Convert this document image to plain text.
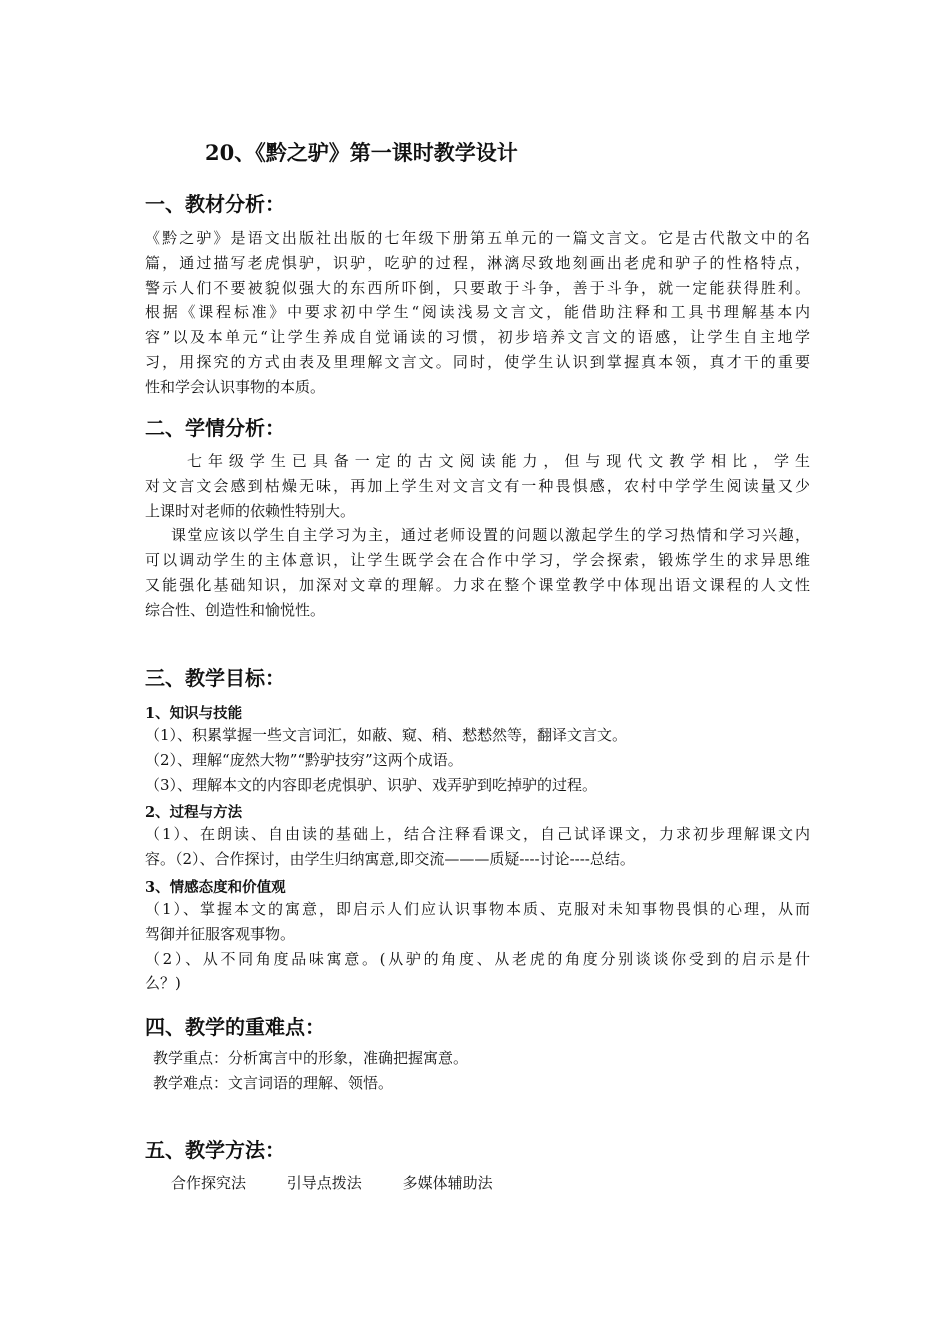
20、《黔之驴》第一课时教学设计
一、教材分析：

《黔之驴》是语文出版社出版的七年级下册第五单元的一篇文言文。它是古代散文中的名

篇，通过描写老虎惧驴，识驴，吃驴的过程，淋漓尽致地刻画出老虎和驴子的性格特点，

警示人们不要被貌似强大的东西所吓倒，只要敢于斗争，善于斗争，就一定能获得胜利。

根据《课程标准》中要求初中学生“阅读浅易文言文，能借助注释和工具书理解基本内

容”以及本单元“让学生养成自觉诵读的习惯，初步培养文言文的语感，让学生自主地学

习，用探究的方式由表及里理解文言文。同时，使学生认识到掌握真本领，真才干的重要

性和学会认识事物的本质。

二、学情分析：

七年级学生已具备一定的古文阅读能力，但与现代文教学相比，学生

对文言文会感到枯燥无味，再加上学生对文言文有一种畏惧感，农村中学学生阅读量又少

上课时对老师的依赖性特别大。

课堂应该以学生自主学习为主，通过老师设置的问题以激起学生的学习热情和学习兴趣，

可以调动学生的主体意识，让学生既学会在合作中学习，学会探索，锻炼学生的求异思维

又能强化基础知识，加深对文章的理解。力求在整个课堂教学中体现出语文课程的人文性

综合性、创造性和愉悦性。

三、教学目标：
1、知识与技能

（1）、积累掌握一些文言词汇，如蔽、窥、稍、慭慭然等，翻译文言文。

（2）、理解“庞然大物”“黔驴技穷”这两个成语。

（3）、理解本文的内容即老虎惧驴、识驴、戏弄驴到吃掉驴的过程。

2、过程与方法

（1）、在朗读、自由读的基础上，结合注释看课文，自己试译课文，力求初步理解课文内

容。（2）、合作探讨，由学生归纳寓意,即交流———质疑----讨论----总结。

3、情感态度和价值观

（1）、掌握本文的寓意，即启示人们应认识事物本质、克服对未知事物畏惧的心理，从而

驾御并征服客观事物。

（2）、从不同角度品味寓意。(从驴的角度、从老虎的角度分别谈谈你受到的启示是什

么？)

四、教学的重难点：

教学重点：分析寓言中的形象，准确把握寓意。

教学难点：文言词语的理解、领悟。

五、教学方法：
合作探究法	引导点拨法	多媒体辅助法
